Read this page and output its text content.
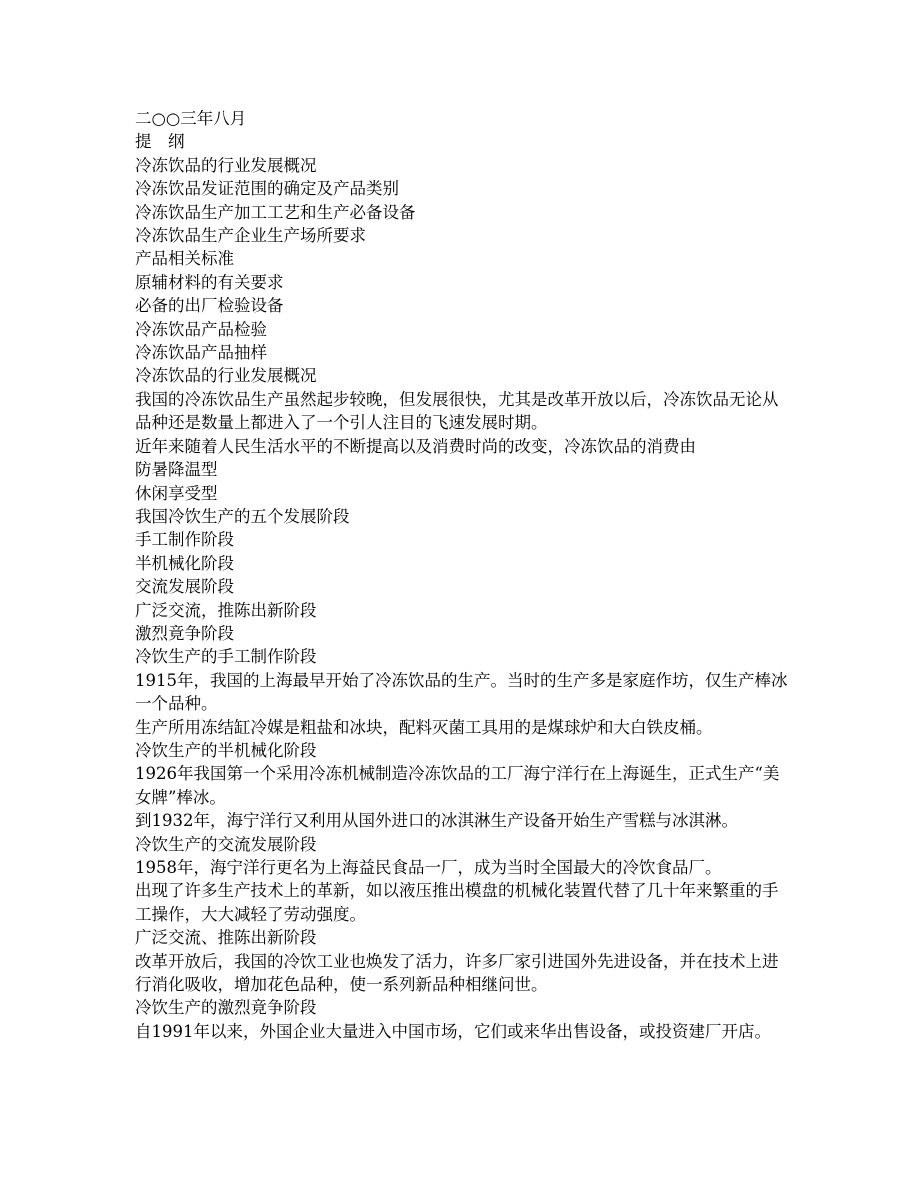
二○○三年八月

提　纲

冷冻饮品的行业发展概况

冷冻饮品发证范围的确定及产品类别

冷冻饮品生产加工工艺和生产必备设备

冷冻饮品生产企业生产场所要求

产品相关标准

原辅材料的有关要求

必备的出厂检验设备

冷冻饮品产品检验

冷冻饮品产品抽样

冷冻饮品的行业发展概况

我国的冷冻饮品生产虽然起步较晚，但发展很快，尤其是改革开放以后，冷冻饮品无论从品种还是数量上都进入了一个引人注目的飞速发展时期。

近年来随着人民生活水平的不断提高以及消费时尚的改变，冷冻饮品的消费由

防暑降温型

休闲享受型

我国冷饮生产的五个发展阶段

手工制作阶段

半机械化阶段

交流发展阶段

广泛交流，推陈出新阶段

激烈竟争阶段

冷饮生产的手工制作阶段

1915年，我国的上海最早开始了冷冻饮品的生产。当时的生产多是家庭作坊，仅生产棒冰一个品种。

生产所用冻结缸冷媒是粗盐和冰块，配料灭菌工具用的是煤球炉和大白铁皮桶。

冷饮生产的半机械化阶段

1926年我国第一个采用冷冻机械制造冷冻饮品的工厂海宁洋行在上海诞生，正式生产“美女牌”棒冰。

到1932年，海宁洋行又利用从国外进口的冰淇淋生产设备开始生产雪糕与冰淇淋。

冷饮生产的交流发展阶段

1958年，海宁洋行更名为上海益民食品一厂，成为当时全国最大的冷饮食品厂。

出现了许多生产技术上的革新，如以液压推出模盘的机械化装置代替了几十年来繁重的手工操作，大大减轻了劳动强度。

广泛交流、推陈出新阶段

改革开放后，我国的冷饮工业也焕发了活力，许多厂家引进国外先进设备，并在技术上进行消化吸收，增加花色品种，使一系列新品种相继问世。

冷饮生产的激烈竟争阶段

自1991年以来，外国企业大量进入中国市场，它们或来华出售设备，或投资建厂开店。
